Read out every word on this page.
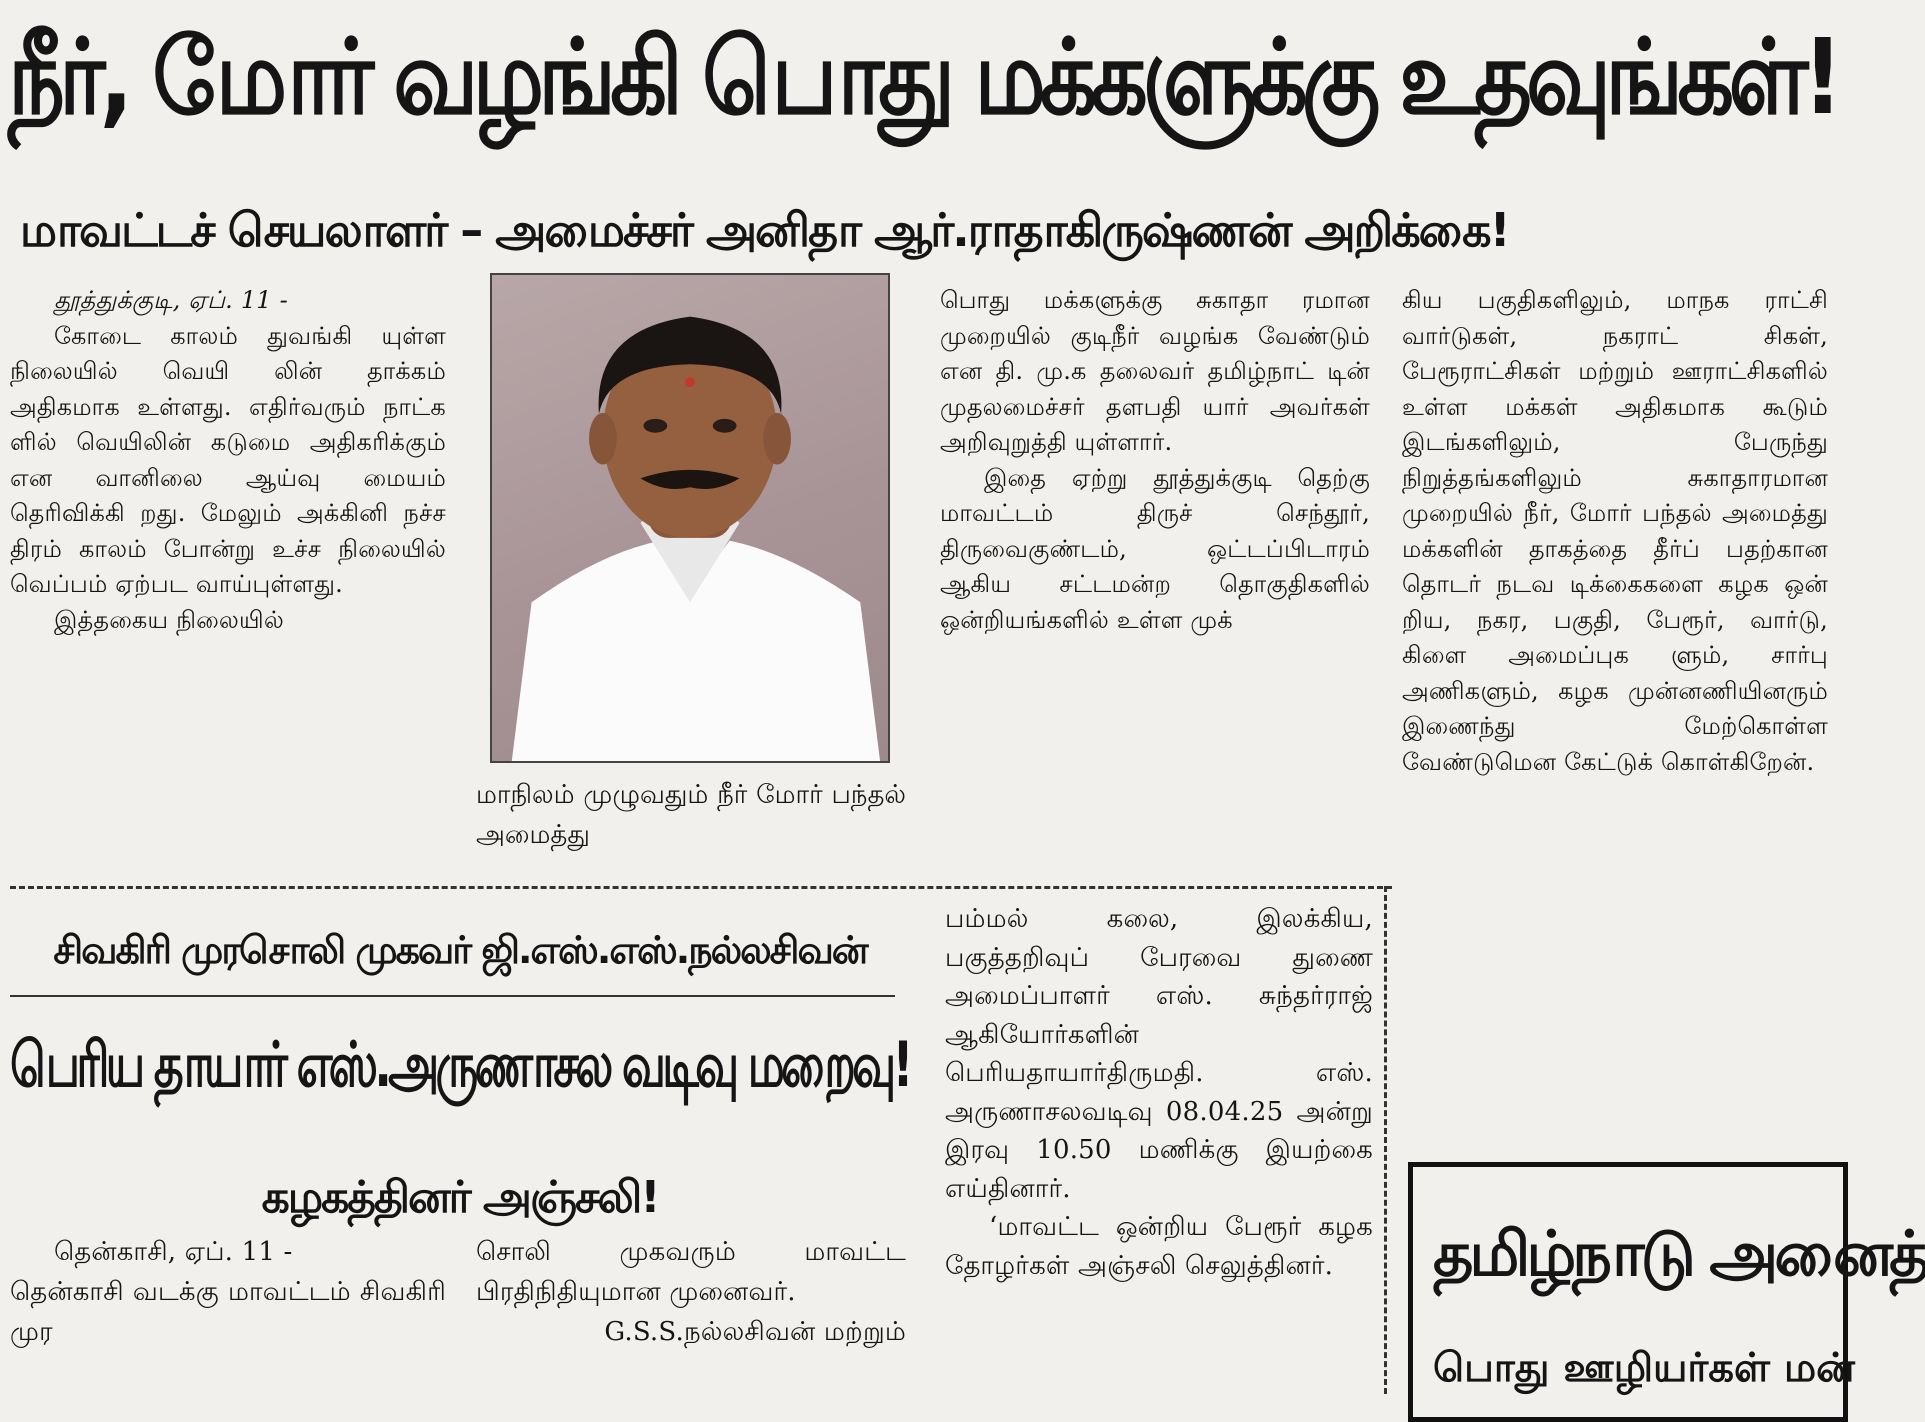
நீர், மோர் வழங்கி பொது மக்களுக்கு உதவுங்கள்!
மாவட்டச் செயலாளர் – அமைச்சர் அனிதா ஆர்.ராதாகிருஷ்ணன் அறிக்கை!

தூத்துக்குடி, ஏப். 11 -

கோடை காலம் துவங்கி யுள்ள நிலையில் வெயி லின் தாக்கம் அதிகமாக உள்ளது. எதிர்வரும் நாட்க ளில் வெயிலின் கடுமை அதிகரிக்கும் என வானிலை ஆய்வு மையம் தெரிவிக்கி றது. மேலும் அக்கினி நச்ச திரம் காலம் போன்று உச்ச நிலையில் வெப்பம் ஏற்பட வாய்புள்ளது.

இத்தகைய நிலையில்

மாநிலம் முழுவதும் நீர் மோர் பந்தல் அமைத்து

பொது மக்களுக்கு சுகாதா ரமான முறையில் குடிநீர் வழங்க வேண்டும் என தி. மு.க தலைவர் தமிழ்நாட் டின் முதலமைச்சர் தளபதி யார் அவர்கள் அறிவுறுத்தி யுள்ளார்.

இதை ஏற்று தூத்துக்குடி தெற்கு மாவட்டம் திருச் செந்தூர், திருவைகுண்டம், ஒட்டப்பிடாரம் ஆகிய சட்டமன்ற தொகுதிகளில் ஒன்றியங்களில் உள்ள முக்

கிய பகுதிகளிலும், மாநக ராட்சி வார்டுகள், நகராட் சிகள், பேரூராட்சிகள் மற்றும் ஊராட்சிகளில் உள்ள மக்கள் அதிகமாக கூடும் இடங்களிலும், பேருந்து நிறுத்தங்களிலும் சுகாதாரமான முறையில் நீர், மோர் பந்தல் அமைத்து மக்களின் தாகத்தை தீர்ப் பதற்கான தொடர் நடவ டிக்கைகளை கழக ஒன் றிய, நகர, பகுதி, பேரூர், வார்டு, கிளை அமைப்புக ளும், சார்பு அணிகளும், கழக முன்னணியினரும் இணைந்து மேற்கொள்ள வேண்டுமென கேட்டுக் கொள்கிறேன்.

சிவகிரி முரசொலி முகவர் ஜி.எஸ்.எஸ்.நல்லசிவன்
பெரிய தாயார் எஸ்.அருணாசல வடிவு மறைவு!
கழகத்தினர் அஞ்சலி!

தென்காசி, ஏப். 11 -

தென்காசி வடக்கு மாவட்டம் சிவகிரி முர

சொலி முகவரும் மாவட்ட பிரதிநிதியுமான முனைவர்.

G.S.S.நல்லசிவன் மற்றும்

பம்மல் கலை, இலக்கிய, பகுத்தறிவுப் பேரவை துணை அமைப்பாளர் எஸ். சுந்தர்ராஜ் ஆகியோர்களின் பெரியதாயார்திருமதி. எஸ். அருணாசலவடிவு 08.04.25 அன்று இரவு 10.50 மணிக்கு இயற்கை எய்தினார்.

‘மாவட்ட ஒன்றிய பேரூர் கழக தோழர்கள் அஞ்சலி செலுத்தினர்.	தமிழ்நாடு அனைத்
பொது ஊழியர்கள் மன்
